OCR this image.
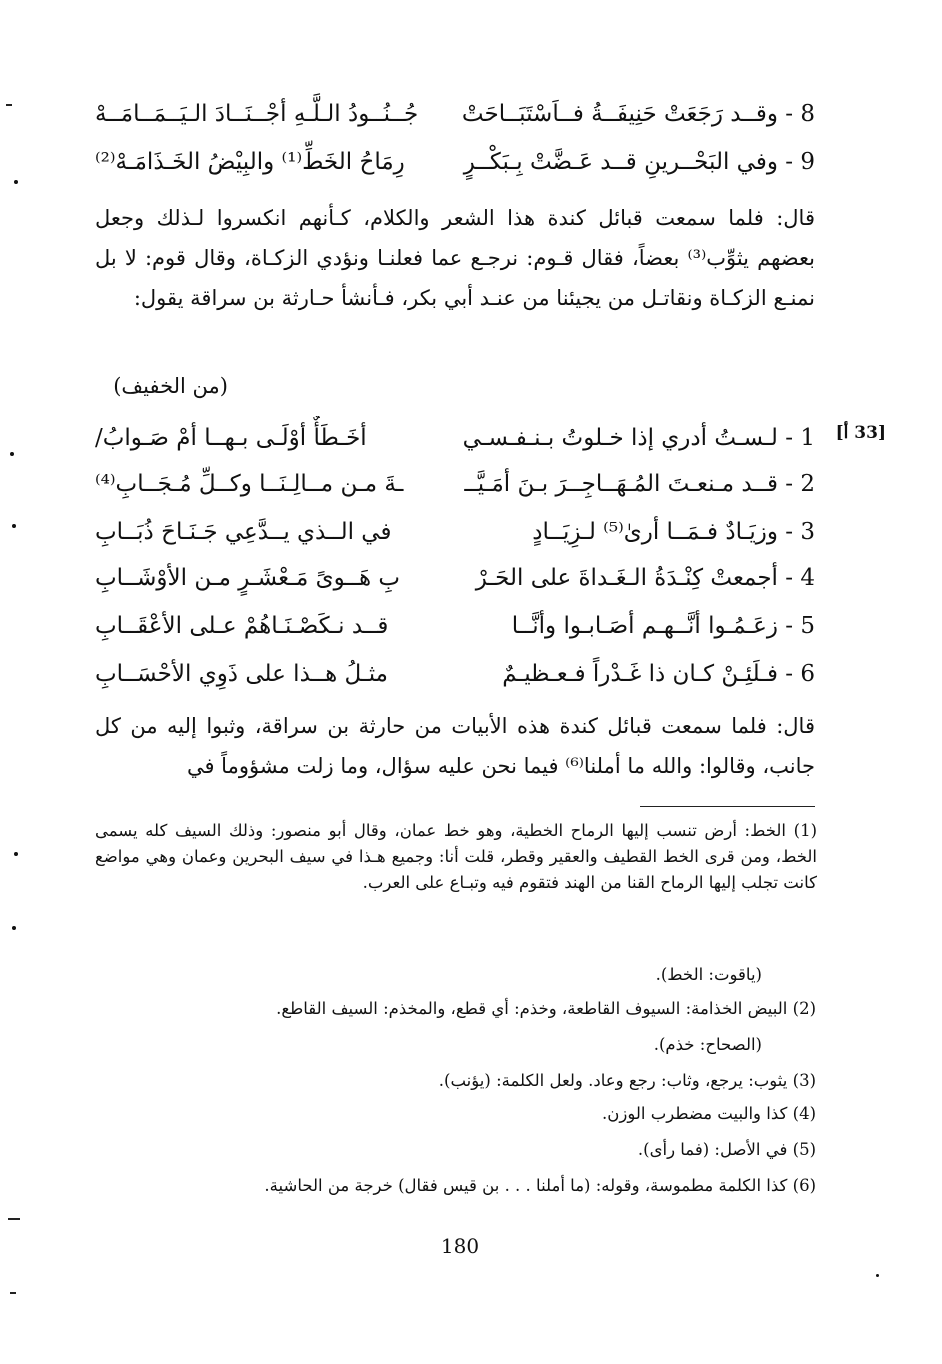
8 - وقــد رَجَعَتْ حَنِيفَــةُ فــاَسْتَبَــاحَتْ
جُــنُــودُ الـلَّـهِ أجْــنَــادَ الـيَــمَــامَــهْ
9 - وفي البَحْــرينِ قــد عَـضَّتْ بِـبَكْــرٍ
رِمَاحُ الخَطِّ⁽¹⁾ والبِيْضُ الخَـذَامَـهْ⁽²⁾
قال: فلما سمعت قبائل كندة هذا الشعر والكلام، كـأنهم انكسروا لـذلك وجعل بعضهم يثوِّب⁽³⁾ بعضاً، فقال قـوم: نرجـع عما فعلنـا ونؤدي الزكـاة، وقال قوم: لا بل نمنـع الزكـاة ونقاتـل من يجيئنا من عنـد أبي بكر، فـأنشأ حـارثة بن سراقة يقول:
(من الخفيف)
[33 أ]
1 - لـسـتُ أدري إذا خـلوتُ بـنـفـسـي
أخَـطَأٌ أوْلَـى بـهــا أمْ صَـوابُ/
2 - قــد مـنعـتَ المُـهَــاجِــرَ بـنَ أمَـيَّــ
ـةَ مـن مــالِـنَــا وكــلِّ مُـجَــابِ⁽⁴⁾
3 - وزيَـادٌ فـمَــا أرىٰ⁽⁵⁾ لـزِيَــادٍ
في الــذي يــدَّعِي جَـنَـاحَ ذُبَــابِ
4 - أجمعتْ كِنْـدَةُ الـغَـداةَ على الحَـرْ
بِ هَــوىً مَـعْشَـرٍ مـن الأوْشَــابِ
5 - زعَـمُـوا أنَّــهـم أصَـابـوا وأنَّــا
قــد نـكَصْـنَـاهُمْ عـلى الأعْقَــابِ
6 - فـلَئِـنْ كـان ذا غَـدْراً فـعـظيـمٌ
مثـلُ هــذا على ذَوِي الأحْسَــابِ
قال: فلما سمعت قبائل كندة هذه الأبيات من حارثة بن سراقة، وثبوا إليه من كل جانب، وقالوا: والله ما أملنا⁽⁶⁾ فيما نحن عليه سؤال، وما زلت مشؤوماً في
(1) الخط: أرض تنسب إليها الرماح الخطية، وهو خط عمان، وقال أبو منصور: وذلك السيف كله يسمى الخط، ومن قرى الخط القطيف والعقير وقطر، قلت أنا: وجميع هـذا في سيف البحرين وعمان وهي مواضع كانت تجلب إليها الرماح القنا من الهند فتقوم فيه وتبـاع على العرب.
(ياقوت: الخط).
(2) البيض الخذامة: السيوف القاطعة، وخذم: أي قطع، والمخذم: السيف القاطع.
(الصحاح: خذم).
(3) يثوب: يرجع، وثاب: رجع وعاد. ولعل الكلمة: (يؤنب).
(4) كذا والبيت مضطرب الوزن.
(5) في الأصل: (فما رأى).
(6) كذا الكلمة مطموسة، وقوله: (ما أملنا . . . بن قيس فقال) خرجة من الحاشية.
180
